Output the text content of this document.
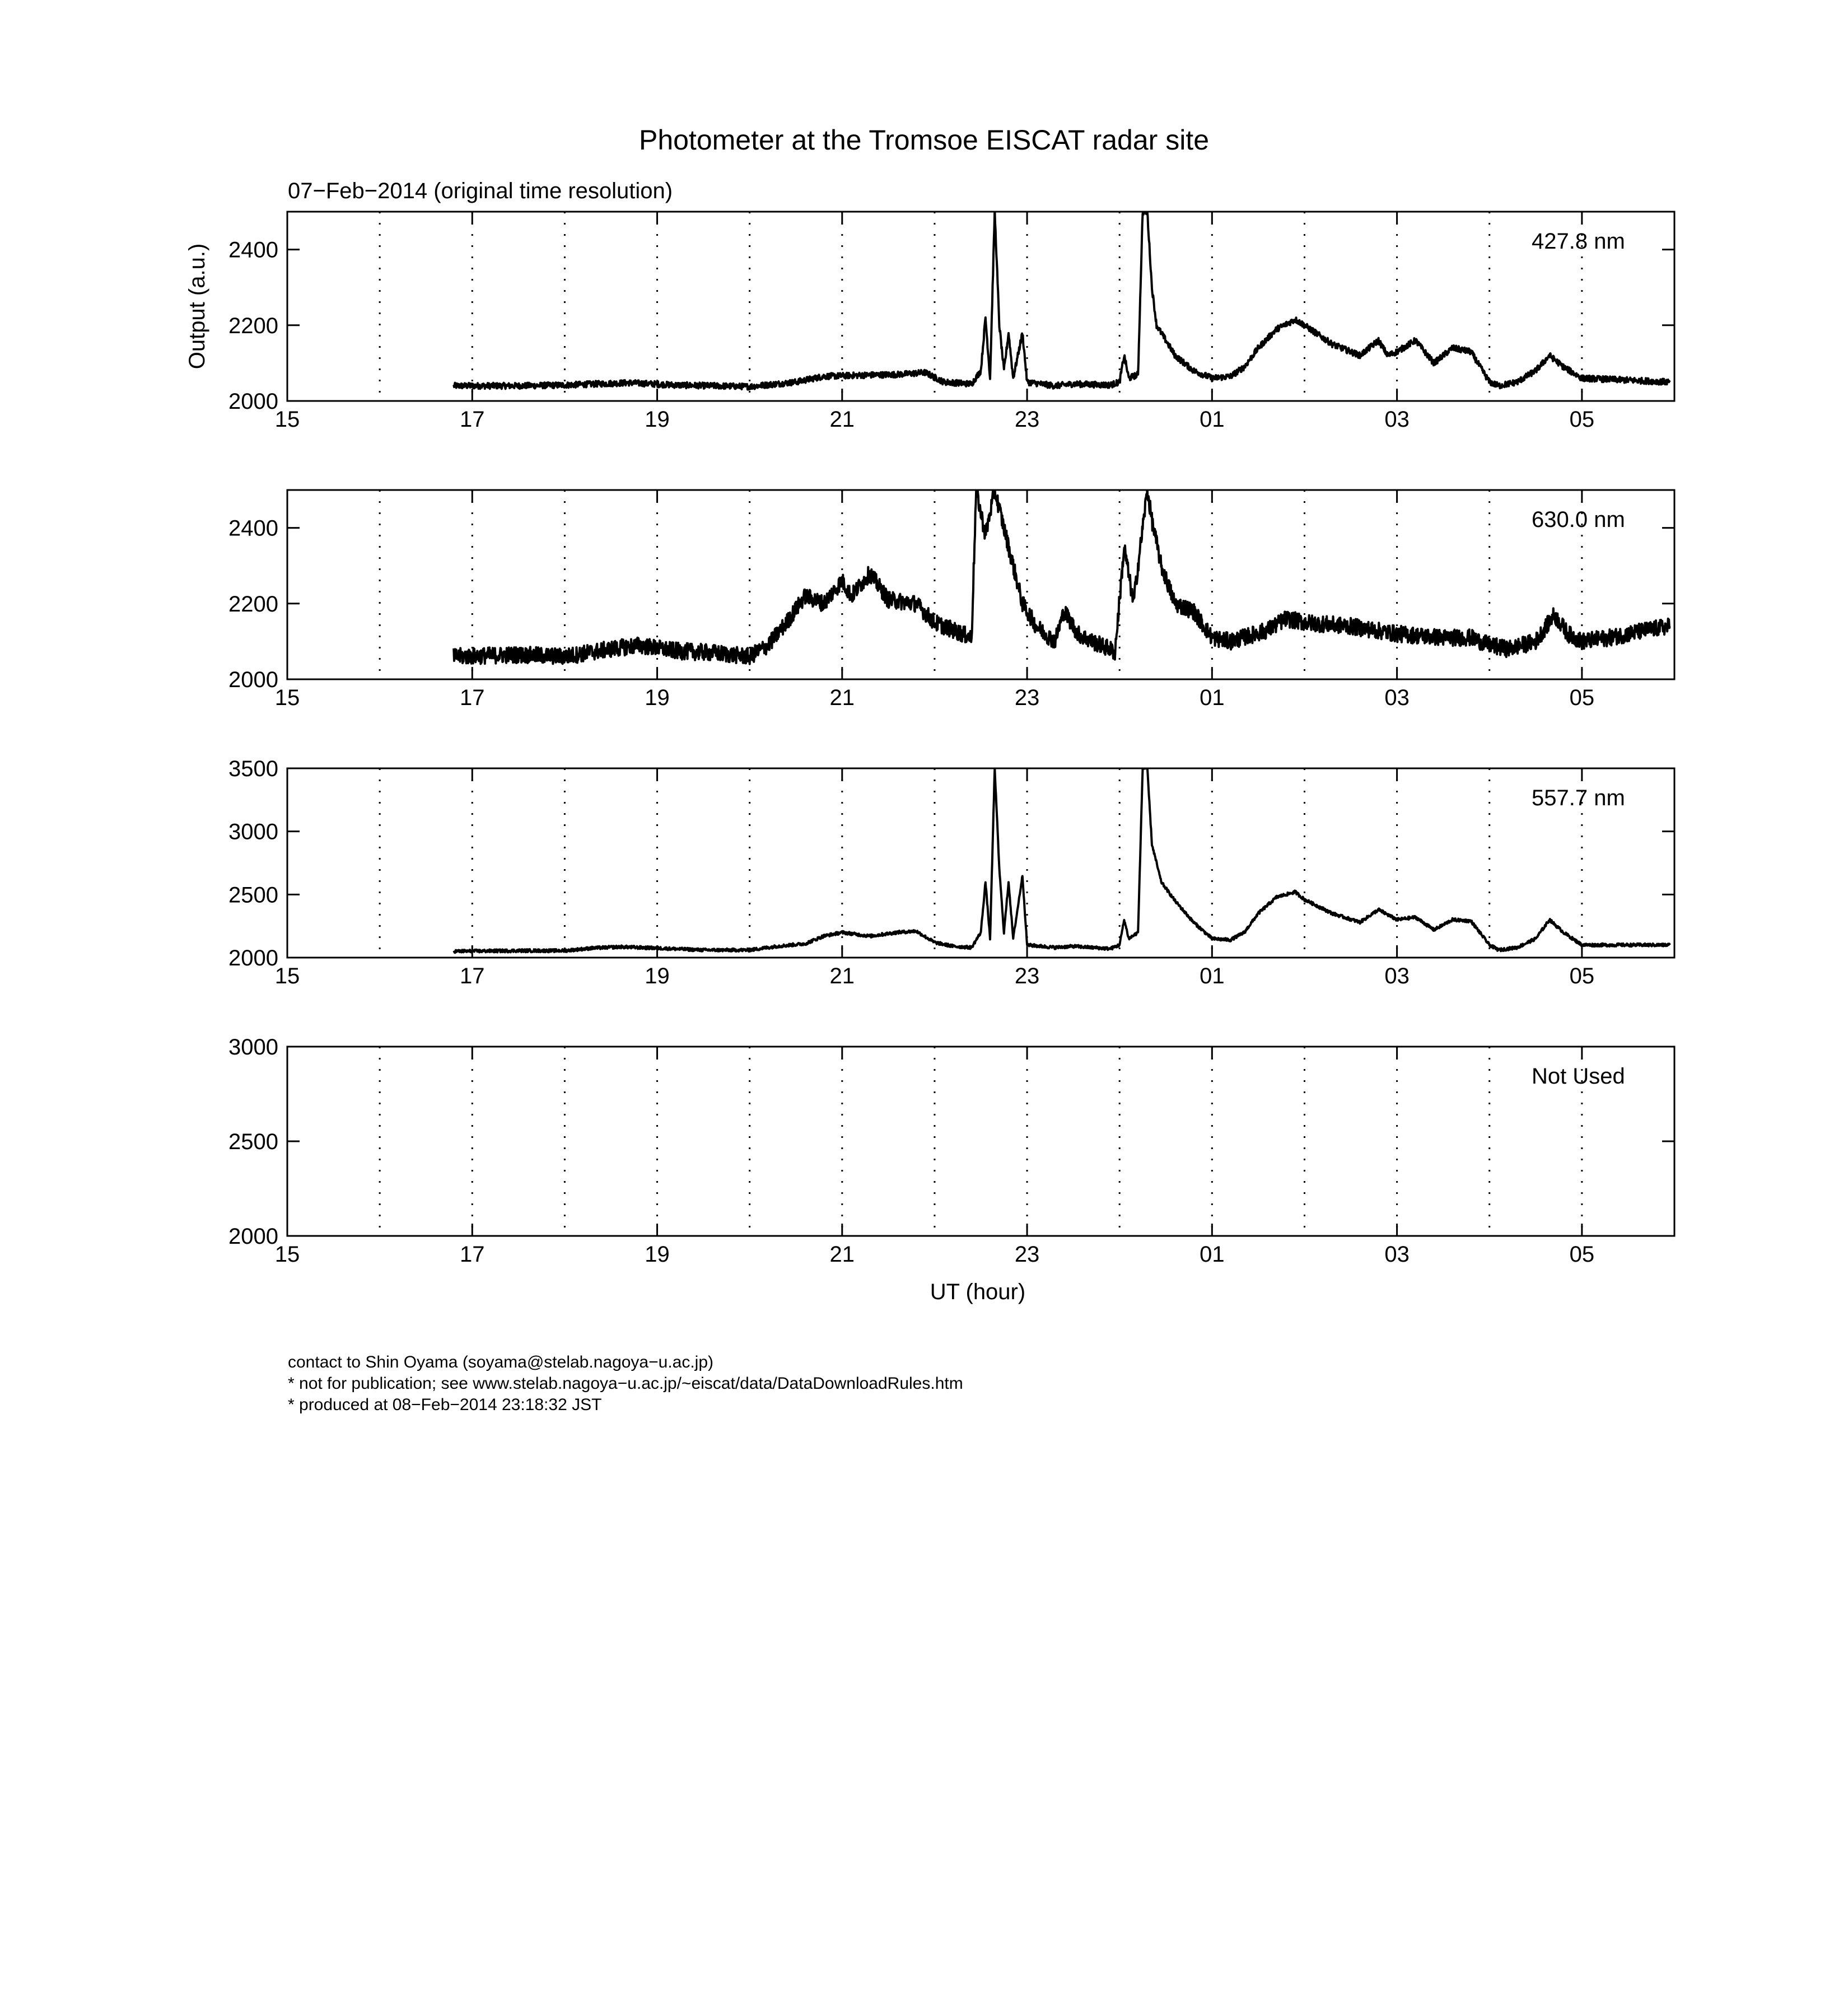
Photometer at the Tromsoe EISCAT radar site
07−Feb−2014 (original time resolution)
15	17	19	21	23	01	03	05
2000
2200
2400	427.8 nm
15	17	19	21	23	01	03	05
2000
2200
2400	630.0 nm
15	17	19	21	23	01	03	05
2000
2500
3000
3500
557.7 nm
15	17	19	21	23	01	03	05
2000
2500
3000
Not Used
Output (a.u.)
UT (hour)
contact to Shin Oyama (soyama@stelab.nagoya−u.ac.jp)
* not for publication; see www.stelab.nagoya−u.ac.jp/~eiscat/data/DataDownloadRules.htm
* produced at 08−Feb−2014 23:18:32 JST
